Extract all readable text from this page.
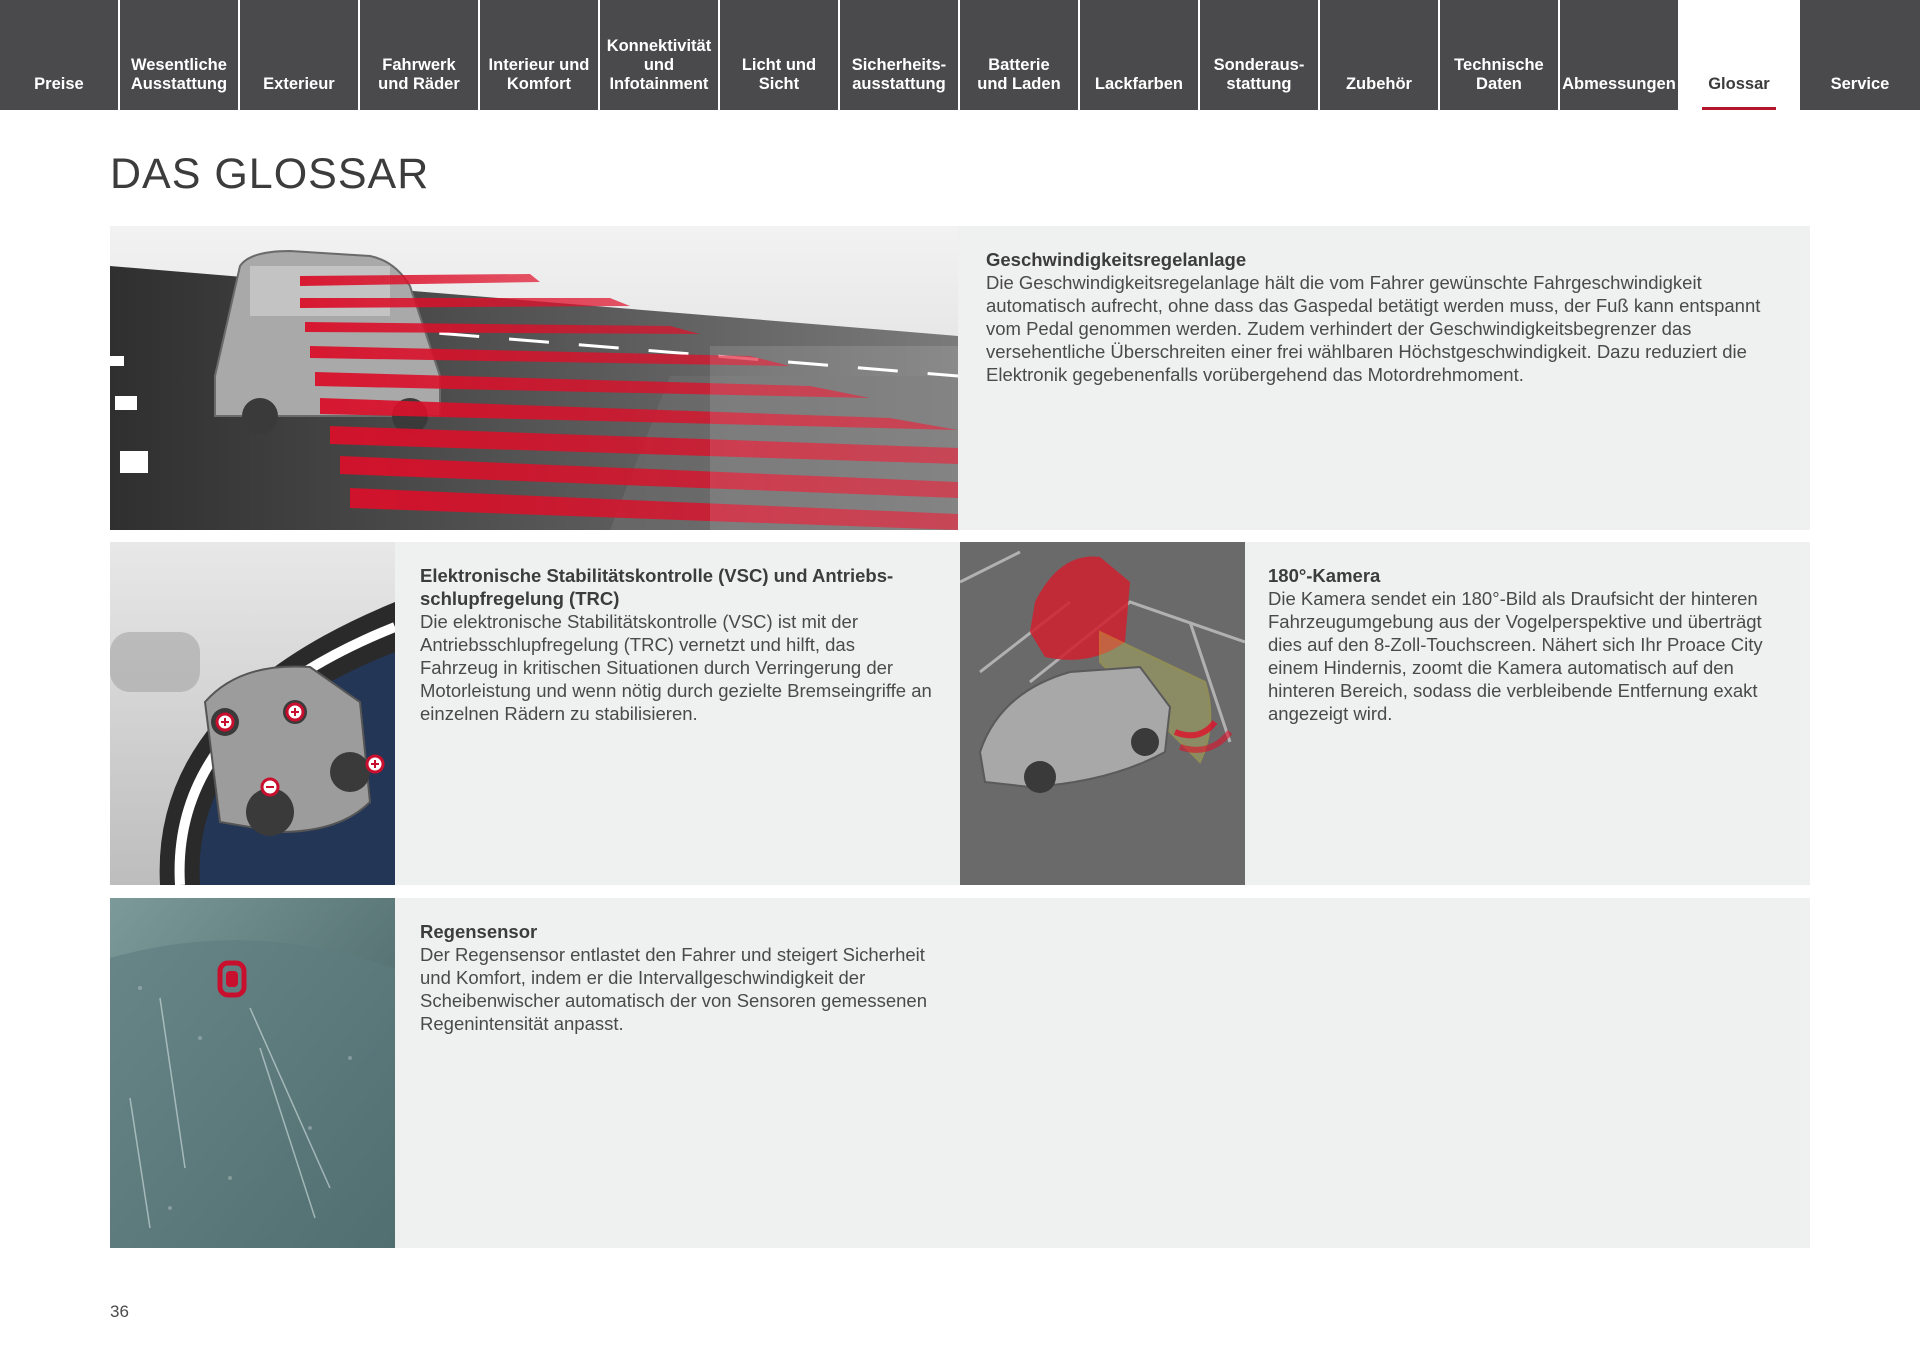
Preise
Wesentliche
Ausstattung	Exterieur
Fahrwerk
und Räder
Interieur und
Komfort
Konnektivität
und
Infotainment
Licht und Sicht
Sicherheits-
ausstattung
Batterie
und Laden	Lackfarben
Sonderaus-
stattung	Zubehör
Technische
Daten	Abmessungen	Glossar	Service
DAS GLOSSAR
Geschwindigkeitsregelanlage

Die Geschwindigkeitsregelanlage hält die vom Fahrer gewünschte Fahrgeschwindigkeit automatisch aufrecht, ohne dass das Gaspedal betätigt werden muss, der Fuß kann entspannt vom Pedal genommen werden. Zudem verhindert der Geschwindigkeitsbegrenzer das versehentliche Überschreiten einer frei wählbaren Höchstgeschwindigkeit. Dazu reduziert die Elektronik gegebenenfalls vorübergehend das Motordrehmoment.

Elektronische Stabilitätskontrolle (VSC) und Antriebsschlupfregelung (TRC)

Die elektronische Stabilitätskontrolle (VSC) ist mit der Antriebsschlupfregelung (TRC) vernetzt und hilft, das Fahrzeug in kritischen Situationen durch Verringerung der Motorleistung und wenn nötig durch gezielte Bremseingriffe an einzelnen Rädern zu stabilisieren.

180°-Kamera

Die Kamera sendet ein 180°-Bild als Draufsicht der hinteren Fahrzeugumgebung aus der Vogelperspektive und überträgt dies auf den 8-Zoll-Touchscreen. Nähert sich Ihr Proace City einem Hindernis, zoomt die Kamera automatisch auf den hinteren Bereich, sodass die verbleibende Entfernung exakt angezeigt wird.

Regensensor

Der Regensensor entlastet den Fahrer und steigert Sicherheit und Komfort, indem er die Intervallgeschwindigkeit der Scheibenwischer automatisch der von Sensoren gemessenen Regenintensität anpasst.

36
